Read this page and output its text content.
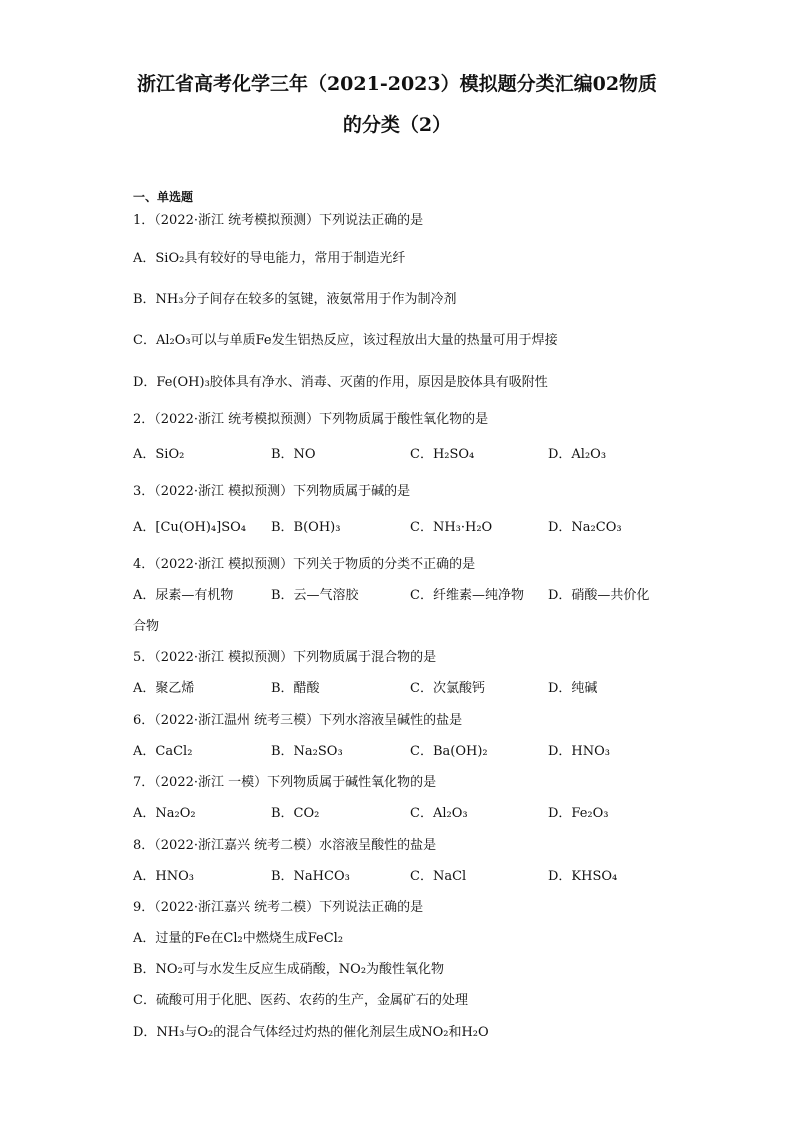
浙江省高考化学三年（2021-2023）模拟题分类汇编02物质
的分类（2）
一、单选题
1．（2022·浙江 统考模拟预测）下列说法正确的是
A．SiO₂具有较好的导电能力，常用于制造光纤
B．NH₃分子间存在较多的氢键，液氨常用于作为制冷剂
C．Al₂O₃可以与单质Fe发生铝热反应，该过程放出大量的热量可用于焊接
D．Fe(OH)₃胶体具有净水、消毒、灭菌的作用，原因是胶体具有吸附性
2．（2022·浙江 统考模拟预测）下列物质属于酸性氧化物的是
A．SiO₂	B．NO	C．H₂SO₄	D．Al₂O₃
3．（2022·浙江 模拟预测）下列物质属于碱的是
A．[Cu(OH)₄]SO₄ B．B(OH)₃	C．NH₃·H₂O	D．Na₂CO₃
4．（2022·浙江 模拟预测）下列关于物质的分类不正确的是
A．尿素—有机物	B．云—气溶胶	C．纤维素—纯净物 D．硝酸—共价化
合物
5．（2022·浙江 模拟预测）下列物质属于混合物的是
A．聚乙烯	B．醋酸	C．次氯酸钙	D．纯碱
6．（2022·浙江温州 统考三模）下列水溶液呈碱性的盐是
A．CaCl₂	B．Na₂SO₃	C．Ba(OH)₂	D．HNO₃
7．（2022·浙江 一模）下列物质属于碱性氧化物的是
A．Na₂O₂	B．CO₂	C．Al₂O₃	D．Fe₂O₃
8．（2022·浙江嘉兴 统考二模）水溶液呈酸性的盐是
A．HNO₃	B．NaHCO₃	C．NaCl	D．KHSO₄
9．（2022·浙江嘉兴 统考二模）下列说法正确的是
A．过量的Fe在Cl₂中燃烧生成FeCl₂
B．NO₂可与水发生反应生成硝酸，NO₂为酸性氧化物
C．硫酸可用于化肥、医药、农药的生产，金属矿石的处理
D．NH₃与O₂的混合气体经过灼热的催化剂层生成NO₂和H₂O
